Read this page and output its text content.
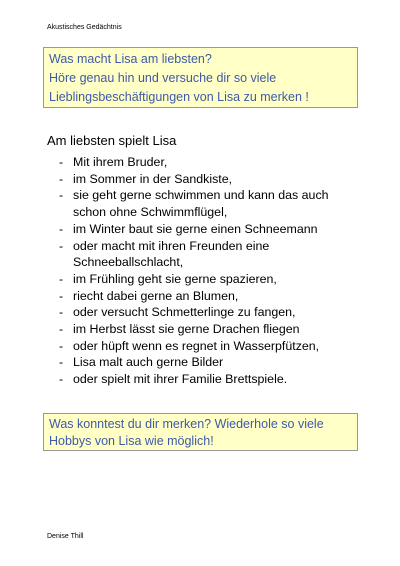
Akustisches Gedächtnis
Was macht Lisa am liebsten?
Höre genau hin und versuche dir so viele Lieblingsbeschäftigungen von Lisa zu merken !
Am liebsten spielt Lisa
- Mit ihrem Bruder,
- im Sommer in der Sandkiste,
- sie geht gerne schwimmen und kann das auch schon ohne Schwimmflügel,
- im Winter baut sie gerne einen Schneemann
- oder macht mit ihren Freunden eine Schneeballschlacht,
- im Frühling geht sie gerne spazieren,
- riecht dabei gerne an Blumen,
- oder versucht Schmetterlinge zu fangen,
- im Herbst lässt sie gerne Drachen fliegen
- oder hüpft wenn es regnet in Wasserpfützen,
- Lisa malt auch gerne Bilder
- oder spielt mit ihrer Familie Brettspiele.
Was konntest du dir merken? Wiederhole so viele Hobbys von Lisa wie möglich!
Denise Thill
